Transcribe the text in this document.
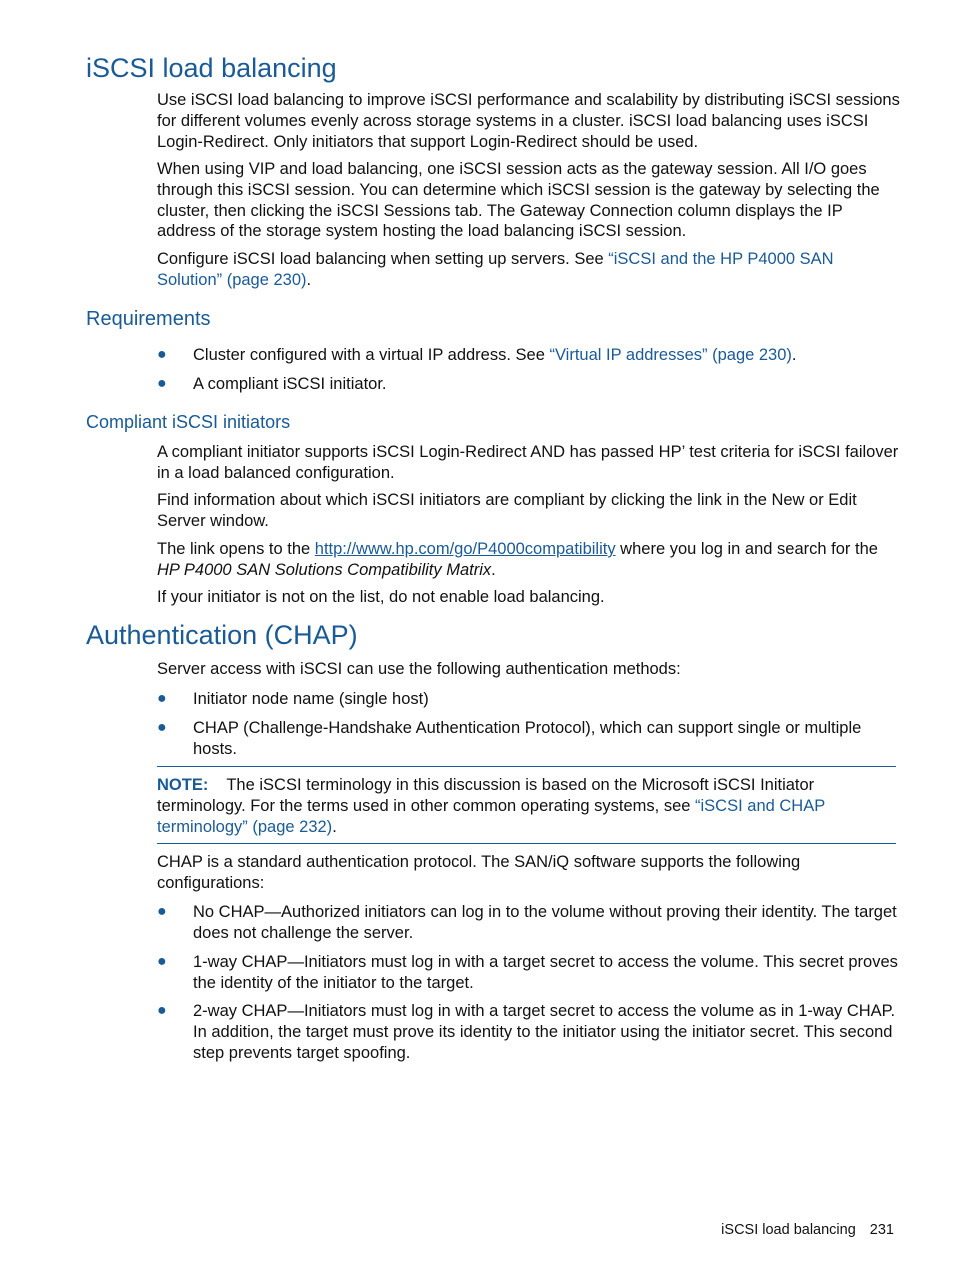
iSCSI load balancing

Use iSCSI load balancing to improve iSCSI performance and scalability by distributing iSCSI sessions for different volumes evenly across storage systems in a cluster. iSCSI load balancing uses iSCSI Login-Redirect. Only initiators that support Login-Redirect should be used.

When using VIP and load balancing, one iSCSI session acts as the gateway session. All I/O goes through this iSCSI session. You can determine which iSCSI session is the gateway by selecting the cluster, then clicking the iSCSI Sessions tab. The Gateway Connection column displays the IP address of the storage system hosting the load balancing iSCSI session.

Configure iSCSI load balancing when setting up servers. See “iSCSI and the HP P4000 SAN Solution” (page 230).

Requirements
● Cluster configured with a virtual IP address. See “Virtual IP addresses” (page 230).
● A compliant iSCSI initiator.
Compliant iSCSI initiators

A compliant initiator supports iSCSI Login-Redirect AND has passed HP’ test criteria for iSCSI failover in a load balanced configuration.

Find information about which iSCSI initiators are compliant by clicking the link in the New or Edit Server window.

The link opens to the http://www.hp.com/go/P4000compatibility where you log in and search for the HP P4000 SAN Solutions Compatibility Matrix.

If your initiator is not on the list, do not enable load balancing.

Authentication (CHAP)

Server access with iSCSI can use the following authentication methods:

● Initiator node name (single host)
● CHAP (Challenge-Handshake Authentication Protocol), which can support single or multiple hosts.

NOTE: The iSCSI terminology in this discussion is based on the Microsoft iSCSI Initiator terminology. For the terms used in other common operating systems, see “iSCSI and CHAP terminology” (page 232).

CHAP is a standard authentication protocol. The SAN/iQ software supports the following configurations:

● No CHAP—Authorized initiators can log in to the volume without proving their identity. The target does not challenge the server.
● 1-way CHAP—Initiators must log in with a target secret to access the volume. This secret proves the identity of the initiator to the target.
● 2-way CHAP—Initiators must log in with a target secret to access the volume as in 1-way CHAP. In addition, the target must prove its identity to the initiator using the initiator secret. This second step prevents target spoofing.
iSCSI load balancing 231
